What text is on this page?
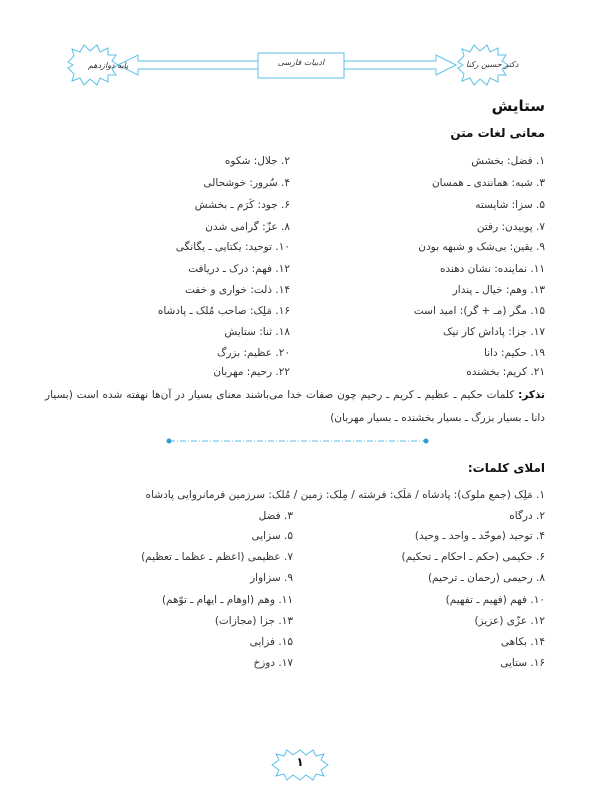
پایه دوازدهم	ادبیات فارسی	دکتر حسین رکنا
ستایش
معانی لغات متن
۱. فضل: بخشش
۲. جلال: شکوه
۳. شبه: همانندی ـ همسان
۴. سُرور: خوشحالی
۵. سزا: شایسته
۶. جود: کَرَم ـ بخشش
۷. پوییدن: رفتن
۸. عزّ: گرامی شدن
۹. یقین: بی‌شک و شبهه بودن
۱۰. توحید: یکتایی ـ یگانگی
۱۱. نماینده: نشان دهنده
۱۲. فهم: درک ـ دریافت
۱۳. وهم: خیال ـ پندار
۱۴. ذلت: خواری و خفت
۱۵. مگر (مـ + گر): امید است
۱۶. مَلِک: صاحب مُلک ـ پادشاه
۱۷. جزا: پاداش کار نیک
۱۸. ثنا: ستایش
۱۹. حکیم: دانا
۲۰. عظیم: بزرگ
۲۱. کریم: بخشنده
۲۲. رحیم: مهربان
تذکر: کلمات حکیم ـ عظیم ـ کریم ـ رحیم چون صفات خدا می‌باشند معنای بسیار در آن‌ها نهفته شده است (بسیار دانا ـ بسیار بزرگ ـ بسیار بخشنده ـ بسیار مهربان)
املای کلمات:
۱. مَلِک (جمع ملوک): پادشاه / مَلَک: فرشته / مِلک: زمین / مُلک: سرزمین فرمانروایی پادشاه
۲. درگاه
۳. فضل
۴. توحید (موحّد ـ واحد ـ وحید)
۵. سزایی
۶. حکیمی (حکم ـ احکام ـ تحکیم)
۷. عظیمی (اعظم ـ عظما ـ تعظیم)
۸. رحیمی (رحمان ـ ترحیم)
۹. سزاوار
۱۰. فهم (فهیم ـ تفهیم)
۱۱. وهم (اوهام ـ ایهام ـ توّهم)
۱۲. عزّی (عزیز)
۱۳. جزا (مجازات)
۱۴. بکاهی
۱۵. فزایی
۱۶. ستایی
۱۷. دوزخ
۱
